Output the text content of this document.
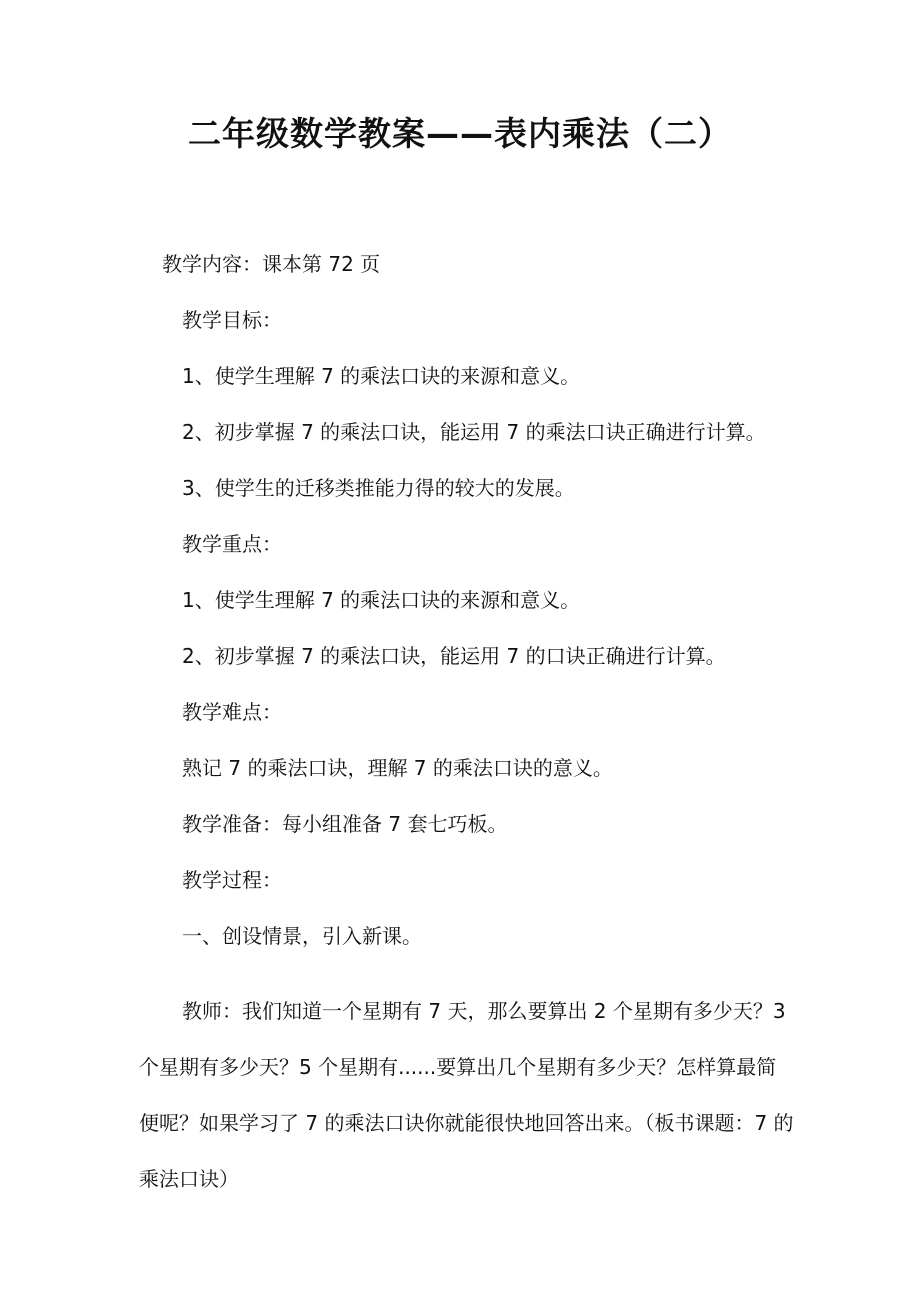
二年级数学教案——表内乘法（二）
教学内容：课本第 72 页
教学目标：
1、使学生理解 7 的乘法口诀的来源和意义。
2、初步掌握 7 的乘法口诀，能运用 7 的乘法口诀正确进行计算。
3、使学生的迁移类推能力得的较大的发展。
教学重点：
1、使学生理解 7 的乘法口诀的来源和意义。
2、初步掌握 7 的乘法口诀，能运用 7 的口诀正确进行计算。
教学难点：
熟记 7 的乘法口诀，理解 7 的乘法口诀的意义。
教学准备：每小组准备 7 套七巧板。
教学过程：
一、创设情景，引入新课。
教师：我们知道一个星期有 7 天，那么要算出 2 个星期有多少天？3 个星期有多少天？5 个星期有......要算出几个星期有多少天？怎样算最简便呢？如果学习了 7 的乘法口诀你就能很快地回答出来。（板书课题：7 的乘法口诀）
